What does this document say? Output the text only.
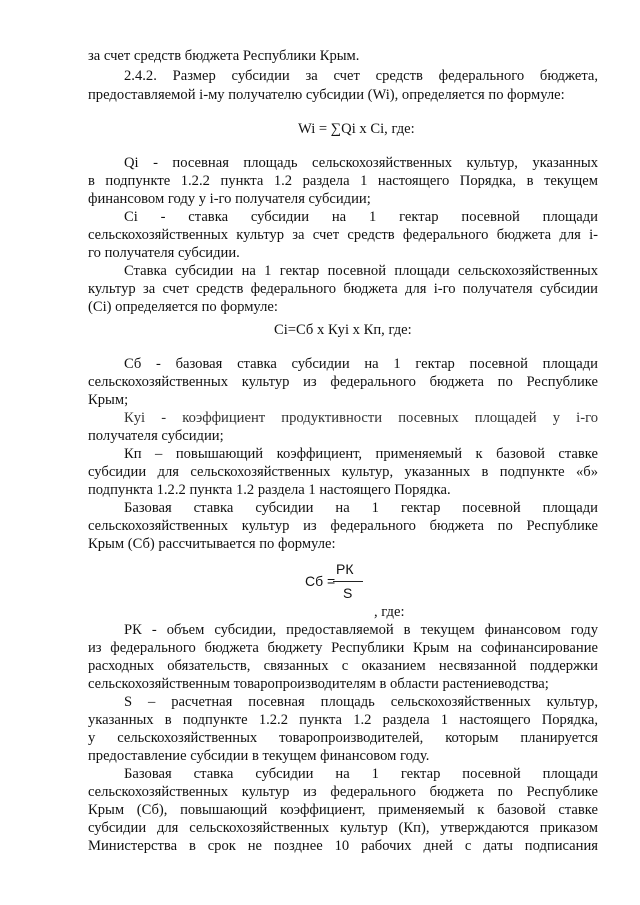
за счет средств бюджета Республики Крым.
2.4.2. Размер субсидии за счет средств федерального бюджета,
предоставляемой i-му получателю субсидии (Wi), определяется по формуле:
Wi = ∑Qi x Ci, где:
Qi - посевная площадь сельскохозяйственных культур, указанных
в подпункте 1.2.2 пункта 1.2 раздела 1 настоящего Порядка, в текущем
финансовом году у i-го получателя субсидии;
Ci - ставка субсидии на 1 гектар посевной площади
сельскохозяйственных культур за счет средств федерального бюджета для i-
го получателя субсидии.
Ставка субсидии на 1 гектар посевной площади сельскохозяйственных
культур за счет средств федерального бюджета для i-го получателя субсидии
(Ci) определяется по формуле:
Ci=Сб x Кyi x Кп, где:
Сб - базовая ставка субсидии на 1 гектар посевной площади
сельскохозяйственных культур из федерального бюджета по Республике
Крым;
Кyi - коэффициент продуктивности посевных площадей у i-го
получателя субсидии;
Кп – повышающий коэффициент, применяемый к базовой ставке
субсидии для сельскохозяйственных культур, указанных в подпункте «б»
подпункта 1.2.2 пункта 1.2 раздела 1 настоящего Порядка.
Базовая ставка субсидии на 1 гектар посевной площади
сельскохозяйственных культур из федерального бюджета по Республике
Крым (Сб) рассчитывается по формуле:
Сб =
РК
S
, где:
РК - объем субсидии, предоставляемой в текущем финансовом году
из федерального бюджета бюджету Республики Крым на софинансирование
расходных обязательств, связанных с оказанием несвязанной поддержки
сельскохозяйственным товаропроизводителям в области растениеводства;
S – расчетная посевная площадь сельскохозяйственных культур,
указанных в подпункте 1.2.2 пункта 1.2 раздела 1 настоящего Порядка,
у сельскохозяйственных товаропроизводителей, которым планируется
предоставление субсидии в текущем финансовом году.
Базовая ставка субсидии на 1 гектар посевной площади
сельскохозяйственных культур из федерального бюджета по Республике
Крым (Сб), повышающий коэффициент, применяемый к базовой ставке
субсидии для сельскохозяйственных культур (Кп), утверждаются приказом
Министерства в срок не позднее 10 рабочих дней с даты подписания
